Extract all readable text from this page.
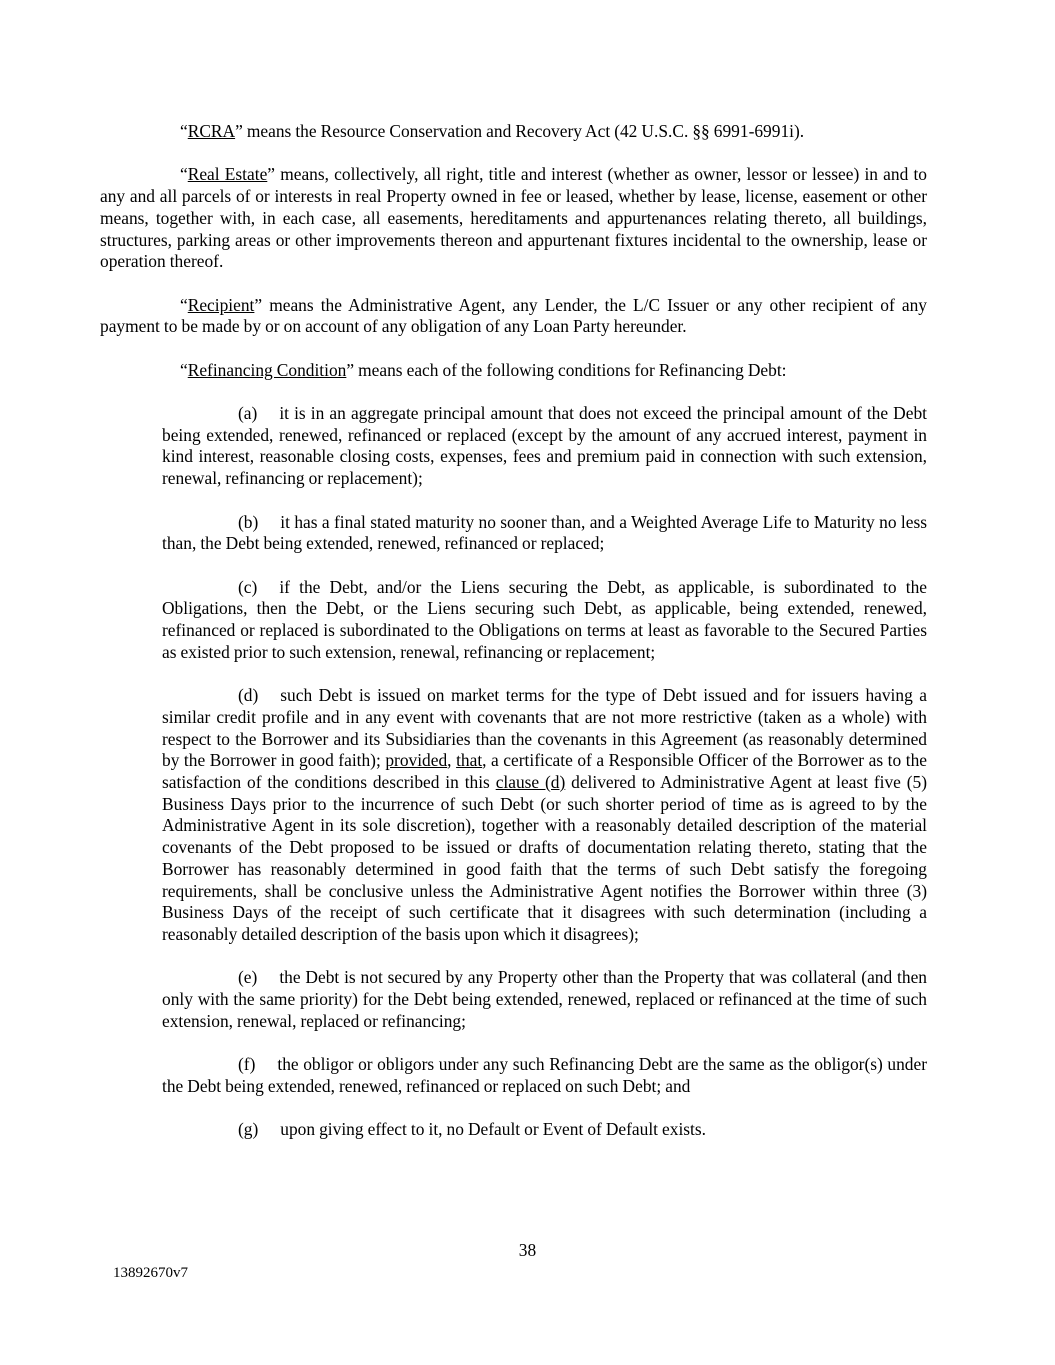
“RCRA” means the Resource Conservation and Recovery Act (42 U.S.C. §§ 6991-6991i).

“Real Estate” means, collectively, all right, title and interest (whether as owner, lessor or lessee) in and to any and all parcels of or interests in real Property owned in fee or leased, whether by lease, license, easement or other means, together with, in each case, all easements, hereditaments and appurtenances relating thereto, all buildings, structures, parking areas or other improvements thereon and appurtenant fixtures incidental to the ownership, lease or operation thereof.

“Recipient” means the Administrative Agent, any Lender, the L/C Issuer or any other recipient of any payment to be made by or on account of any obligation of any Loan Party hereunder.

“Refinancing Condition” means each of the following conditions for Refinancing Debt:

(a) it is in an aggregate principal amount that does not exceed the principal amount of the Debt being extended, renewed, refinanced or replaced (except by the amount of any accrued interest, payment in kind interest, reasonable closing costs, expenses, fees and premium paid in connection with such extension, renewal, refinancing or replacement);

(b) it has a final stated maturity no sooner than, and a Weighted Average Life to Maturity no less than, the Debt being extended, renewed, refinanced or replaced;

(c) if the Debt, and/or the Liens securing the Debt, as applicable, is subordinated to the Obligations, then the Debt, or the Liens securing such Debt, as applicable, being extended, renewed, refinanced or replaced is subordinated to the Obligations on terms at least as favorable to the Secured Parties as existed prior to such extension, renewal, refinancing or replacement;

(d) such Debt is issued on market terms for the type of Debt issued and for issuers having a similar credit profile and in any event with covenants that are not more restrictive (taken as a whole) with respect to the Borrower and its Subsidiaries than the covenants in this Agreement (as reasonably determined by the Borrower in good faith); provided, that, a certificate of a Responsible Officer of the Borrower as to the satisfaction of the conditions described in this clause (d) delivered to Administrative Agent at least five (5) Business Days prior to the incurrence of such Debt (or such shorter period of time as is agreed to by the Administrative Agent in its sole discretion), together with a reasonably detailed description of the material covenants of the Debt proposed to be issued or drafts of documentation relating thereto, stating that the Borrower has reasonably determined in good faith that the terms of such Debt satisfy the foregoing requirements, shall be conclusive unless the Administrative Agent notifies the Borrower within three (3) Business Days of the receipt of such certificate that it disagrees with such determination (including a reasonably detailed description of the basis upon which it disagrees);

(e) the Debt is not secured by any Property other than the Property that was collateral (and then only with the same priority) for the Debt being extended, renewed, replaced or refinanced at the time of such extension, renewal, replaced or refinancing;

(f) the obligor or obligors under any such Refinancing Debt are the same as the obligor(s) under the Debt being extended, renewed, refinanced or replaced on such Debt; and

(g) upon giving effect to it, no Default or Event of Default exists.

38
13892670v7
